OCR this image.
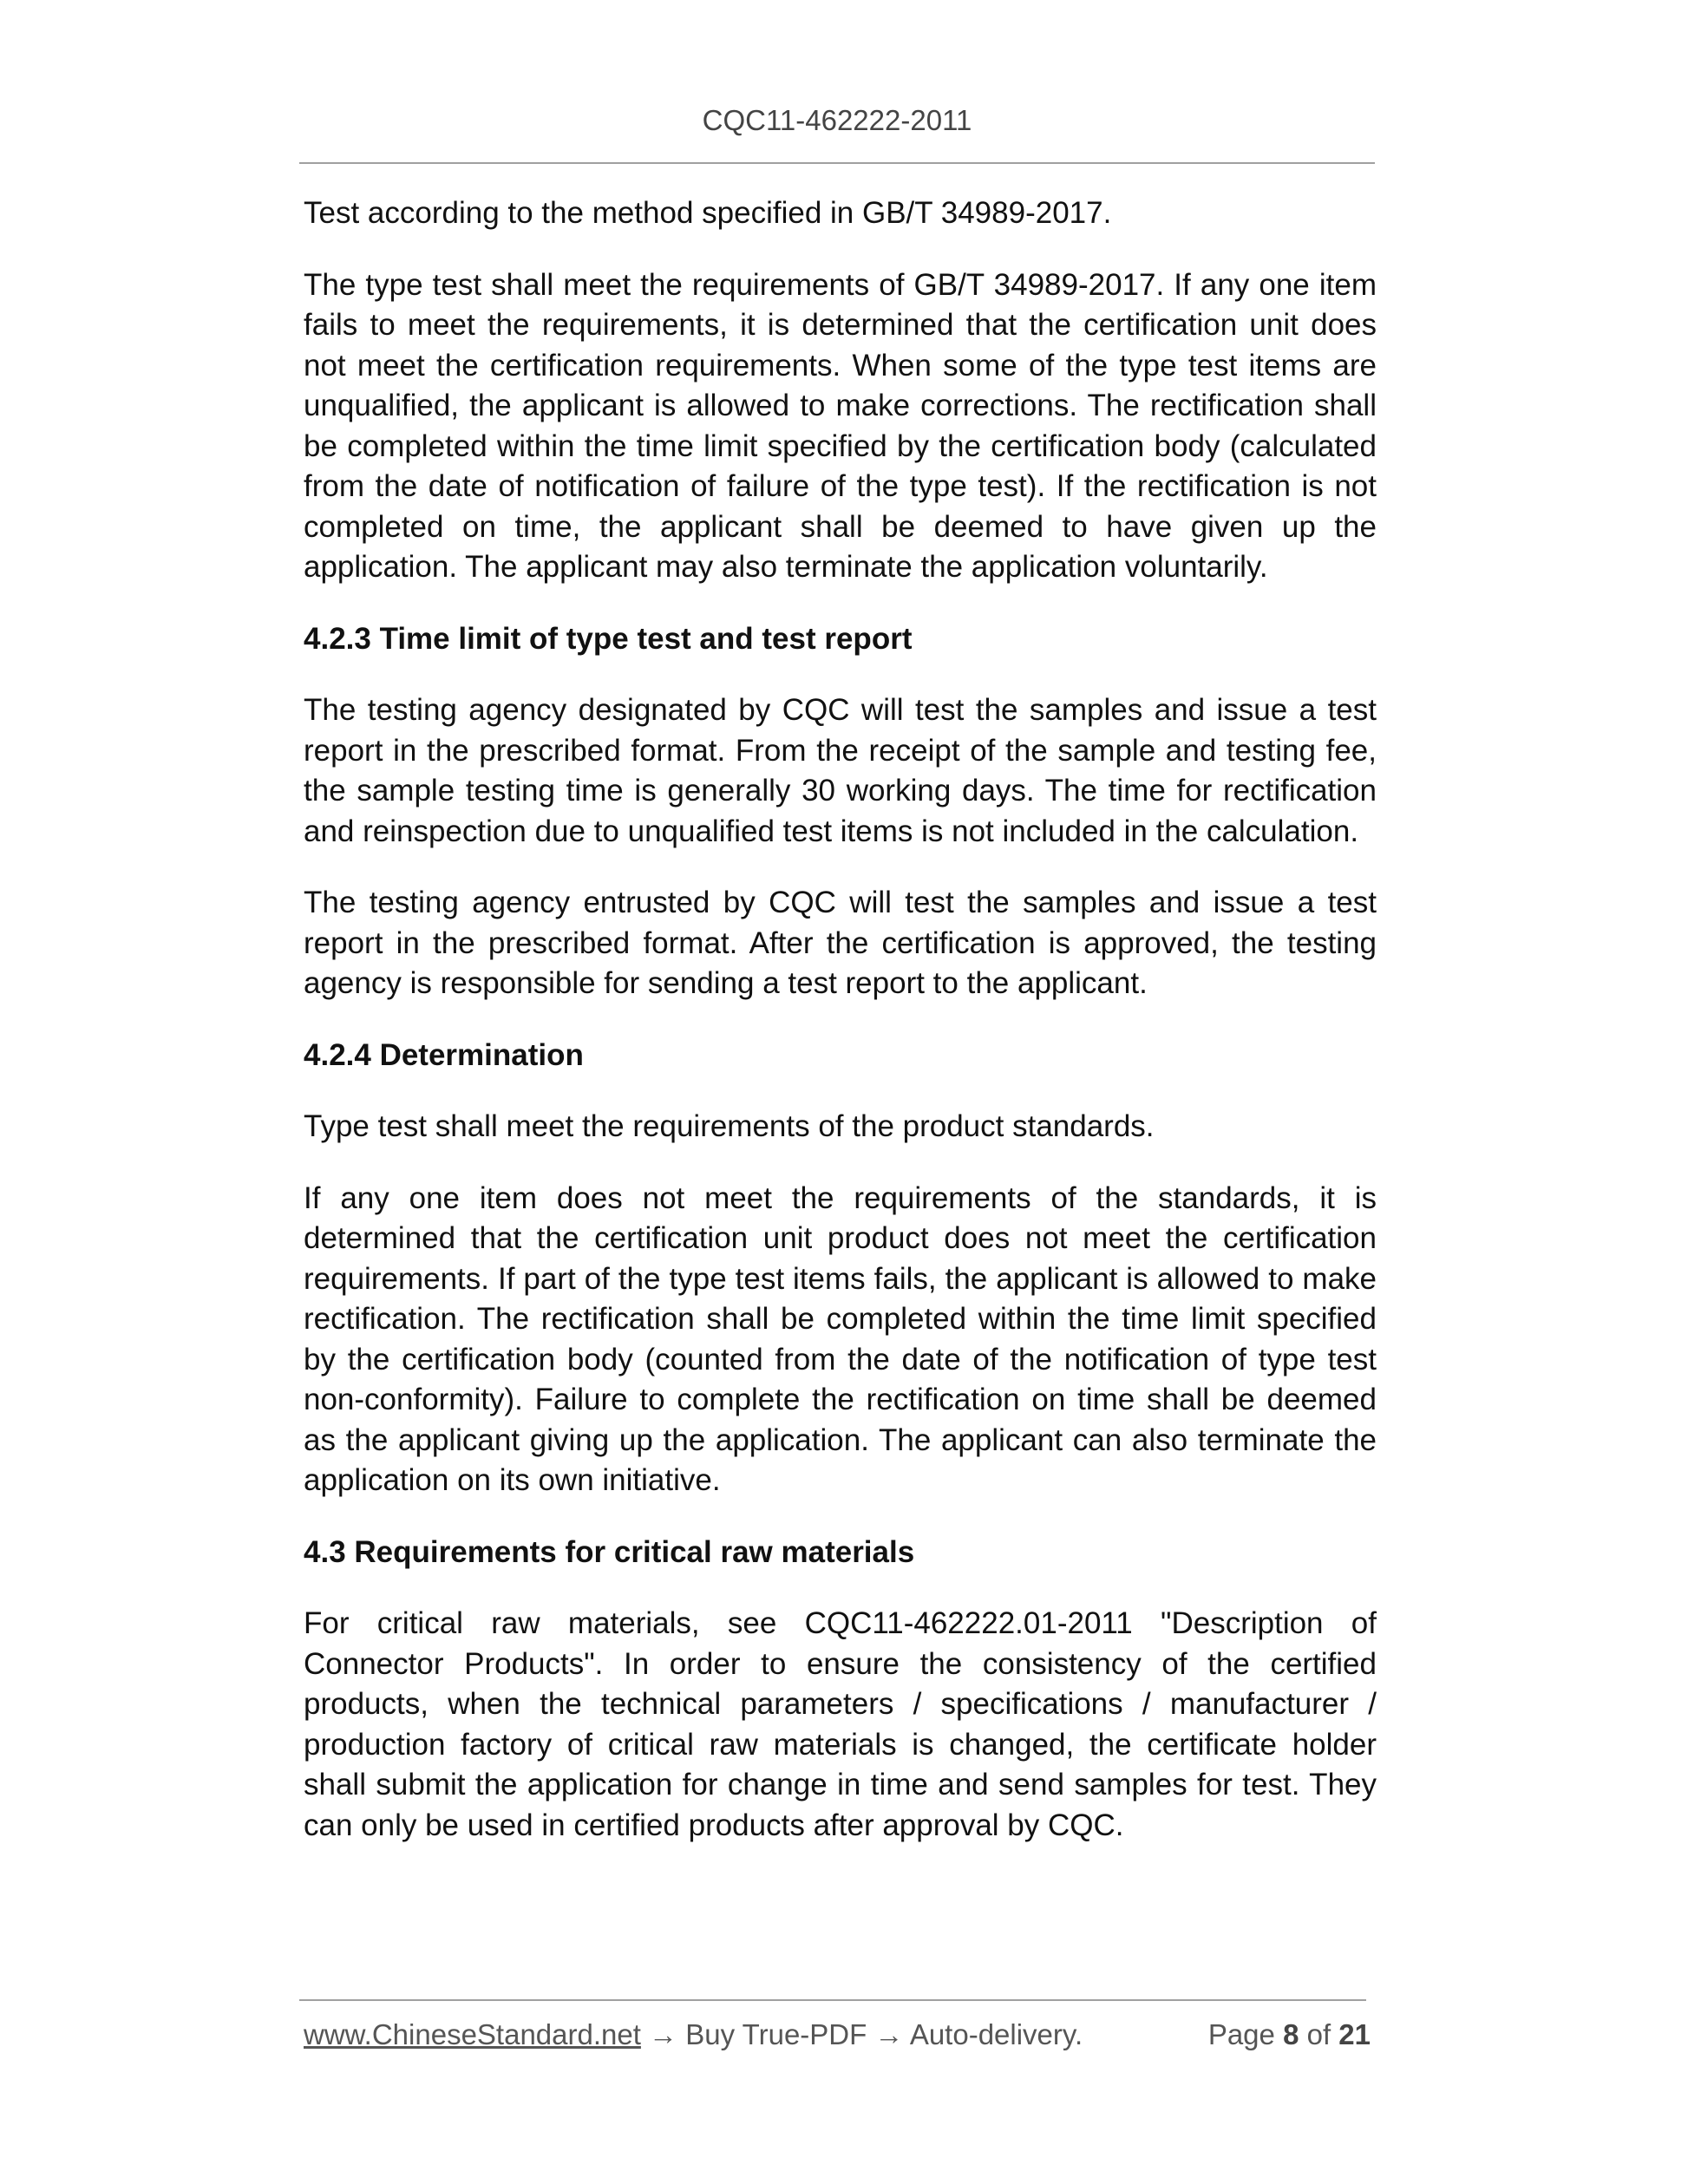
CQC11-462222-2011

Test according to the method specified in GB/T 34989-2017.

The type test shall meet the requirements of GB/T 34989-2017. If any one item fails to meet the requirements, it is determined that the certification unit does not meet the certification requirements. When some of the type test items are unqualified, the applicant is allowed to make corrections. The rectification shall be completed within the time limit specified by the certification body (calculated from the date of notification of failure of the type test). If the rectification is not completed on time, the applicant shall be deemed to have given up the application. The applicant may also terminate the application voluntarily.

4.2.3 Time limit of type test and test report

The testing agency designated by CQC will test the samples and issue a test report in the prescribed format. From the receipt of the sample and testing fee, the sample testing time is generally 30 working days. The time for rectification and reinspection due to unqualified test items is not included in the calculation.

The testing agency entrusted by CQC will test the samples and issue a test report in the prescribed format. After the certification is approved, the testing agency is responsible for sending a test report to the applicant.

4.2.4 Determination

Type test shall meet the requirements of the product standards.

If any one item does not meet the requirements of the standards, it is determined that the certification unit product does not meet the certification requirements. If part of the type test items fails, the applicant is allowed to make rectification. The rectification shall be completed within the time limit specified by the certification body (counted from the date of the notification of type test non-conformity). Failure to complete the rectification on time shall be deemed as the applicant giving up the application. The applicant can also terminate the application on its own initiative.

4.3 Requirements for critical raw materials

For critical raw materials, see CQC11-462222.01-2011 "Description of Connector Products". In order to ensure the consistency of the certified products, when the technical parameters / specifications / manufacturer / production factory of critical raw materials is changed, the certificate holder shall submit the application for change in time and send samples for test. They can only be used in certified products after approval by CQC.

www.ChineseStandard.net → Buy True-PDF → Auto-delivery.	Page 8 of 21
